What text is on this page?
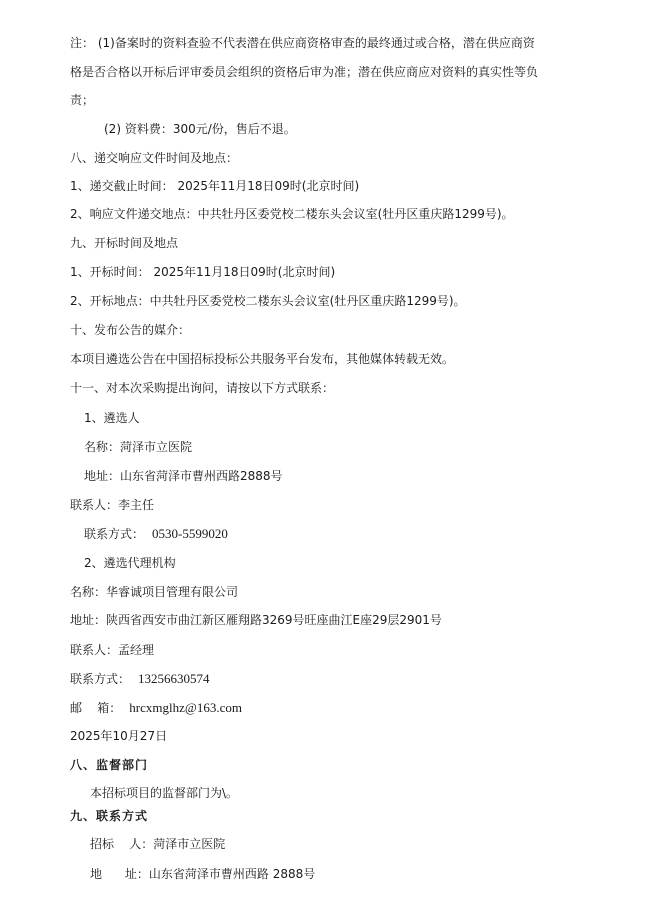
注： (1)备案时的资料查验不代表潜在供应商资格审查的最终通过或合格，潜在供应商资
格是否合格以开标后评审委员会组织的资格后审为准；潜在供应商应对资料的真实性等负
责；
(2) 资料费：300元/份，售后不退。
八、递交响应文件时间及地点：
1、递交截止时间： 2025年11月18日09时(北京时间)
2、响应文件递交地点：中共牡丹区委党校二楼东头会议室(牡丹区重庆路1299号)。
九、开标时间及地点
1、开标时间： 2025年11月18日09时(北京时间)
2、开标地点：中共牡丹区委党校二楼东头会议室(牡丹区重庆路1299号)。
十、发布公告的媒介：
本项目遴选公告在中国招标投标公共服务平台发布，其他媒体转载无效。
十一、对本次采购提出询问，请按以下方式联系：
1、遴选人
名称：菏泽市立医院
地址：山东省菏泽市曹州西路2888号
联系人：李主任
联系方式： 0530-5599020
2、遴选代理机构
名称：华睿诚项目管理有限公司
地址：陕西省西安市曲江新区雁翔路3269号旺座曲江E座29层2901号
联系人：孟经理
联系方式： 13256630574
邮    箱： hrcxmglhz@163.com
2025年10月27日
八、监督部门
本招标项目的监督部门为\。
九、联系方式
招标    人：菏泽市立医院
地      址：山东省菏泽市曹州西路 2888号
